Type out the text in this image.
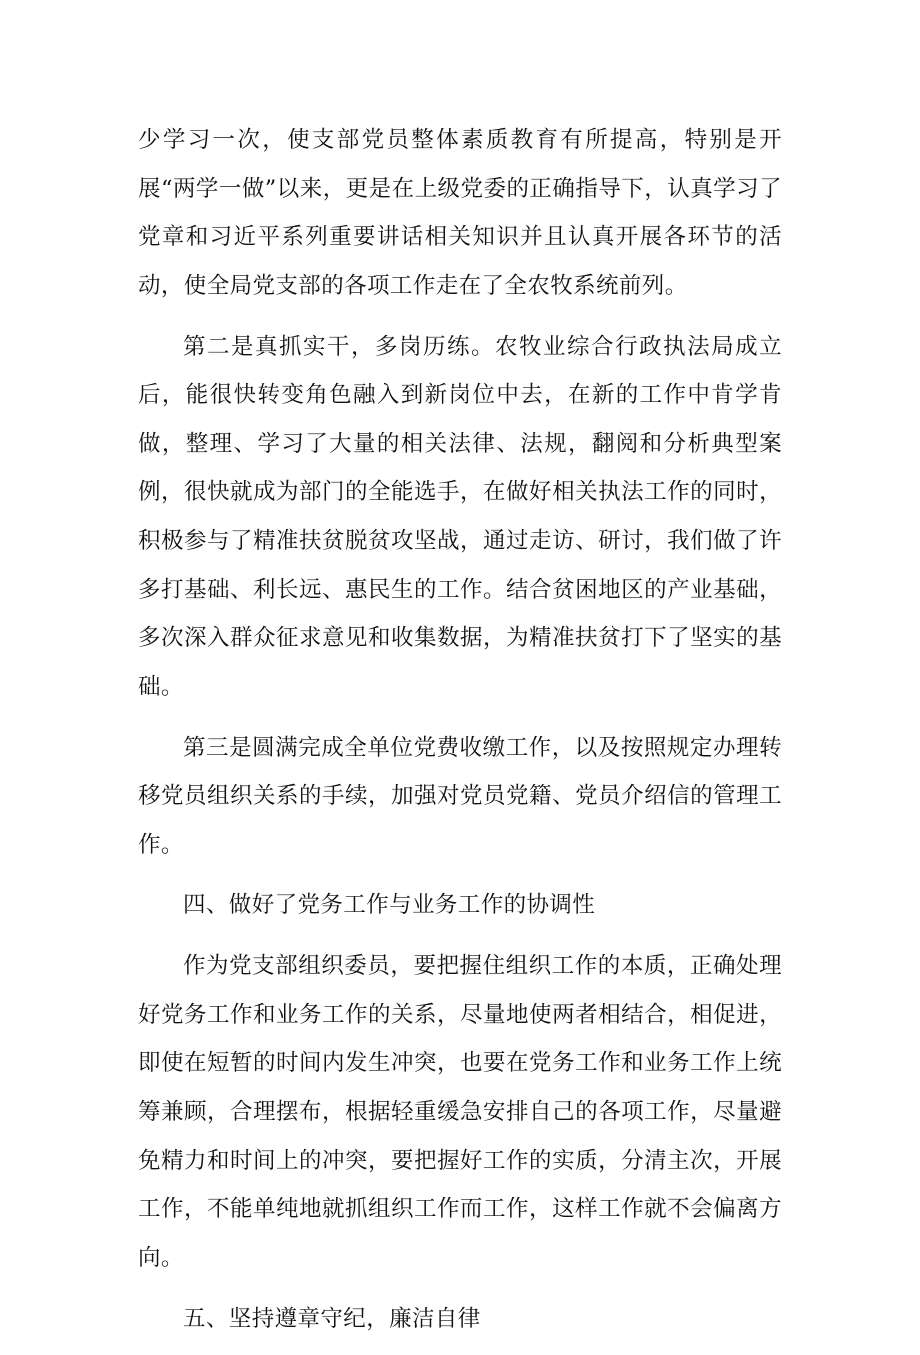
少学习一次，使支部党员整体素质教育有所提高，特别是开展“两学一做”以来，更是在上级党委的正确指导下，认真学习了党章和习近平系列重要讲话相关知识并且认真开展各环节的活动，使全局党支部的各项工作走在了全农牧系统前列。

第二是真抓实干，多岗历练。农牧业综合行政执法局成立后，能很快转变角色融入到新岗位中去，在新的工作中肯学肯做，整理、学习了大量的相关法律、法规，翻阅和分析典型案例，很快就成为部门的全能选手，在做好相关执法工作的同时，积极参与了精准扶贫脱贫攻坚战，通过走访、研讨，我们做了许多打基础、利长远、惠民生的工作。结合贫困地区的产业基础，多次深入群众征求意见和收集数据，为精准扶贫打下了坚实的基础。

第三是圆满完成全单位党费收缴工作，以及按照规定办理转移党员组织关系的手续，加强对党员党籍、党员介绍信的管理工作。

四、做好了党务工作与业务工作的协调性

作为党支部组织委员，要把握住组织工作的本质，正确处理好党务工作和业务工作的关系，尽量地使两者相结合，相促进，即使在短暂的时间内发生冲突，也要在党务工作和业务工作上统筹兼顾，合理摆布，根据轻重缓急安排自己的各项工作，尽量避免精力和时间上的冲突，要把握好工作的实质，分清主次，开展工作，不能单纯地就抓组织工作而工作，这样工作就不会偏离方向。

五、坚持遵章守纪，廉洁自律
